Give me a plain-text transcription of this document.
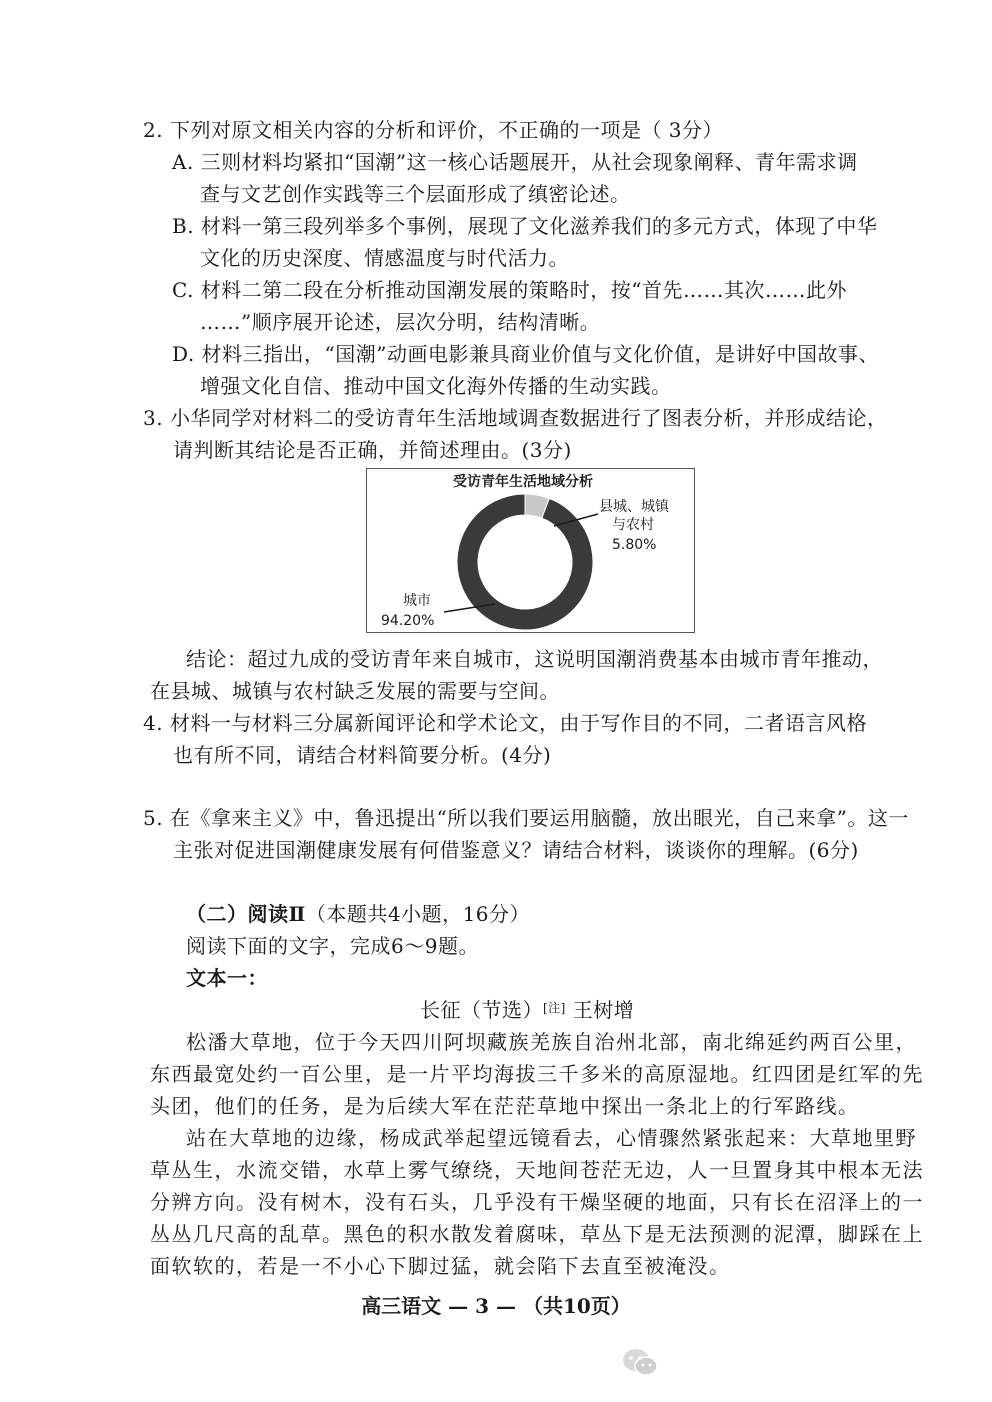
2. 下列对原文相关内容的分析和评价，不正确的一项是（ 3分）
A. 三则材料均紧扣“国潮”这一核心话题展开，从社会现象阐释、青年需求调
查与文艺创作实践等三个层面形成了缜密论述。
B. 材料一第三段列举多个事例，展现了文化滋养我们的多元方式，体现了中华
文化的历史深度、情感温度与时代活力。
C. 材料二第二段在分析推动国潮发展的策略时，按“首先……其次……此外
……”顺序展开论述，层次分明，结构清晰。
D. 材料三指出，“国潮”动画电影兼具商业价值与文化价值，是讲好中国故事、
增强文化自信、推动中国文化海外传播的生动实践。
3. 小华同学对材料二的受访青年生活地域调查数据进行了图表分析，并形成结论，
请判断其结论是否正确，并简述理由。(3分)
受访青年生活地域分析
县城、城镇
与农村
5.80%
城市
94.20%
结论：超过九成的受访青年来自城市，这说明国潮消费基本由城市青年推动，
在县城、城镇与农村缺乏发展的需要与空间。
4. 材料一与材料三分属新闻评论和学术论文，由于写作目的不同，二者语言风格
也有所不同，请结合材料简要分析。(4分)
5. 在《拿来主义》中，鲁迅提出“所以我们要运用脑髓，放出眼光，自己来拿”。这一
主张对促进国潮健康发展有何借鉴意义？请结合材料，谈谈你的理解。(6分)
（二）阅读Ⅱ（本题共4小题，16分）
阅读下面的文字，完成6～9题。
文本一：
长征（节选）[注] 王树增
松潘大草地，位于今天四川阿坝藏族羌族自治州北部，南北绵延约两百公里，
东西最宽处约一百公里，是一片平均海拔三千多米的高原湿地。红四团是红军的先
头团，他们的任务，是为后续大军在茫茫草地中探出一条北上的行军路线。
站在大草地的边缘，杨成武举起望远镜看去，心情骤然紧张起来：大草地里野
草丛生，水流交错，水草上雾气缭绕，天地间苍茫无边，人一旦置身其中根本无法
分辨方向。没有树木，没有石头，几乎没有干燥坚硬的地面，只有长在沼泽上的一
丛丛几尺高的乱草。黑色的积水散发着腐味，草丛下是无法预测的泥潭，脚踩在上
面软软的，若是一不小心下脚过猛，就会陷下去直至被淹没。
高三语文 — 3 — （共10页）
